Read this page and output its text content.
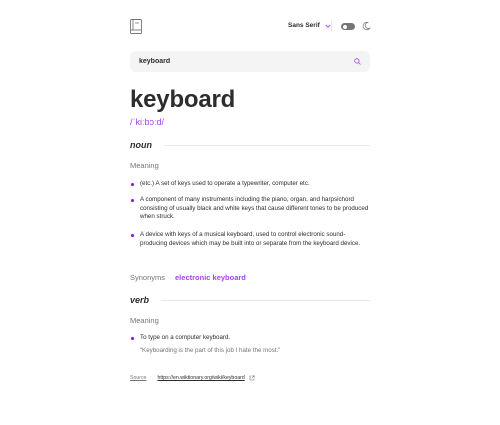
Sans Serif
keyboard
keyboard
/ˈkiːbɔːd/
noun
Meaning
(etc.) A set of keys used to operate a typewriter, computer etc.
A component of many instruments including the piano, organ, and harpsichord consisting of usually black and white keys that cause different tones to be produced when struck.
A device with keys of a musical keyboard, used to control electronic sound-producing devices which may be built into or separate from the keyboard device.
Synonyms electronic keyboard
verb
Meaning
To type on a computer keyboard.
“Keyboarding is the part of this job I hate the most.”
Source https://en.wiktionary.org/wiki/keyboard
